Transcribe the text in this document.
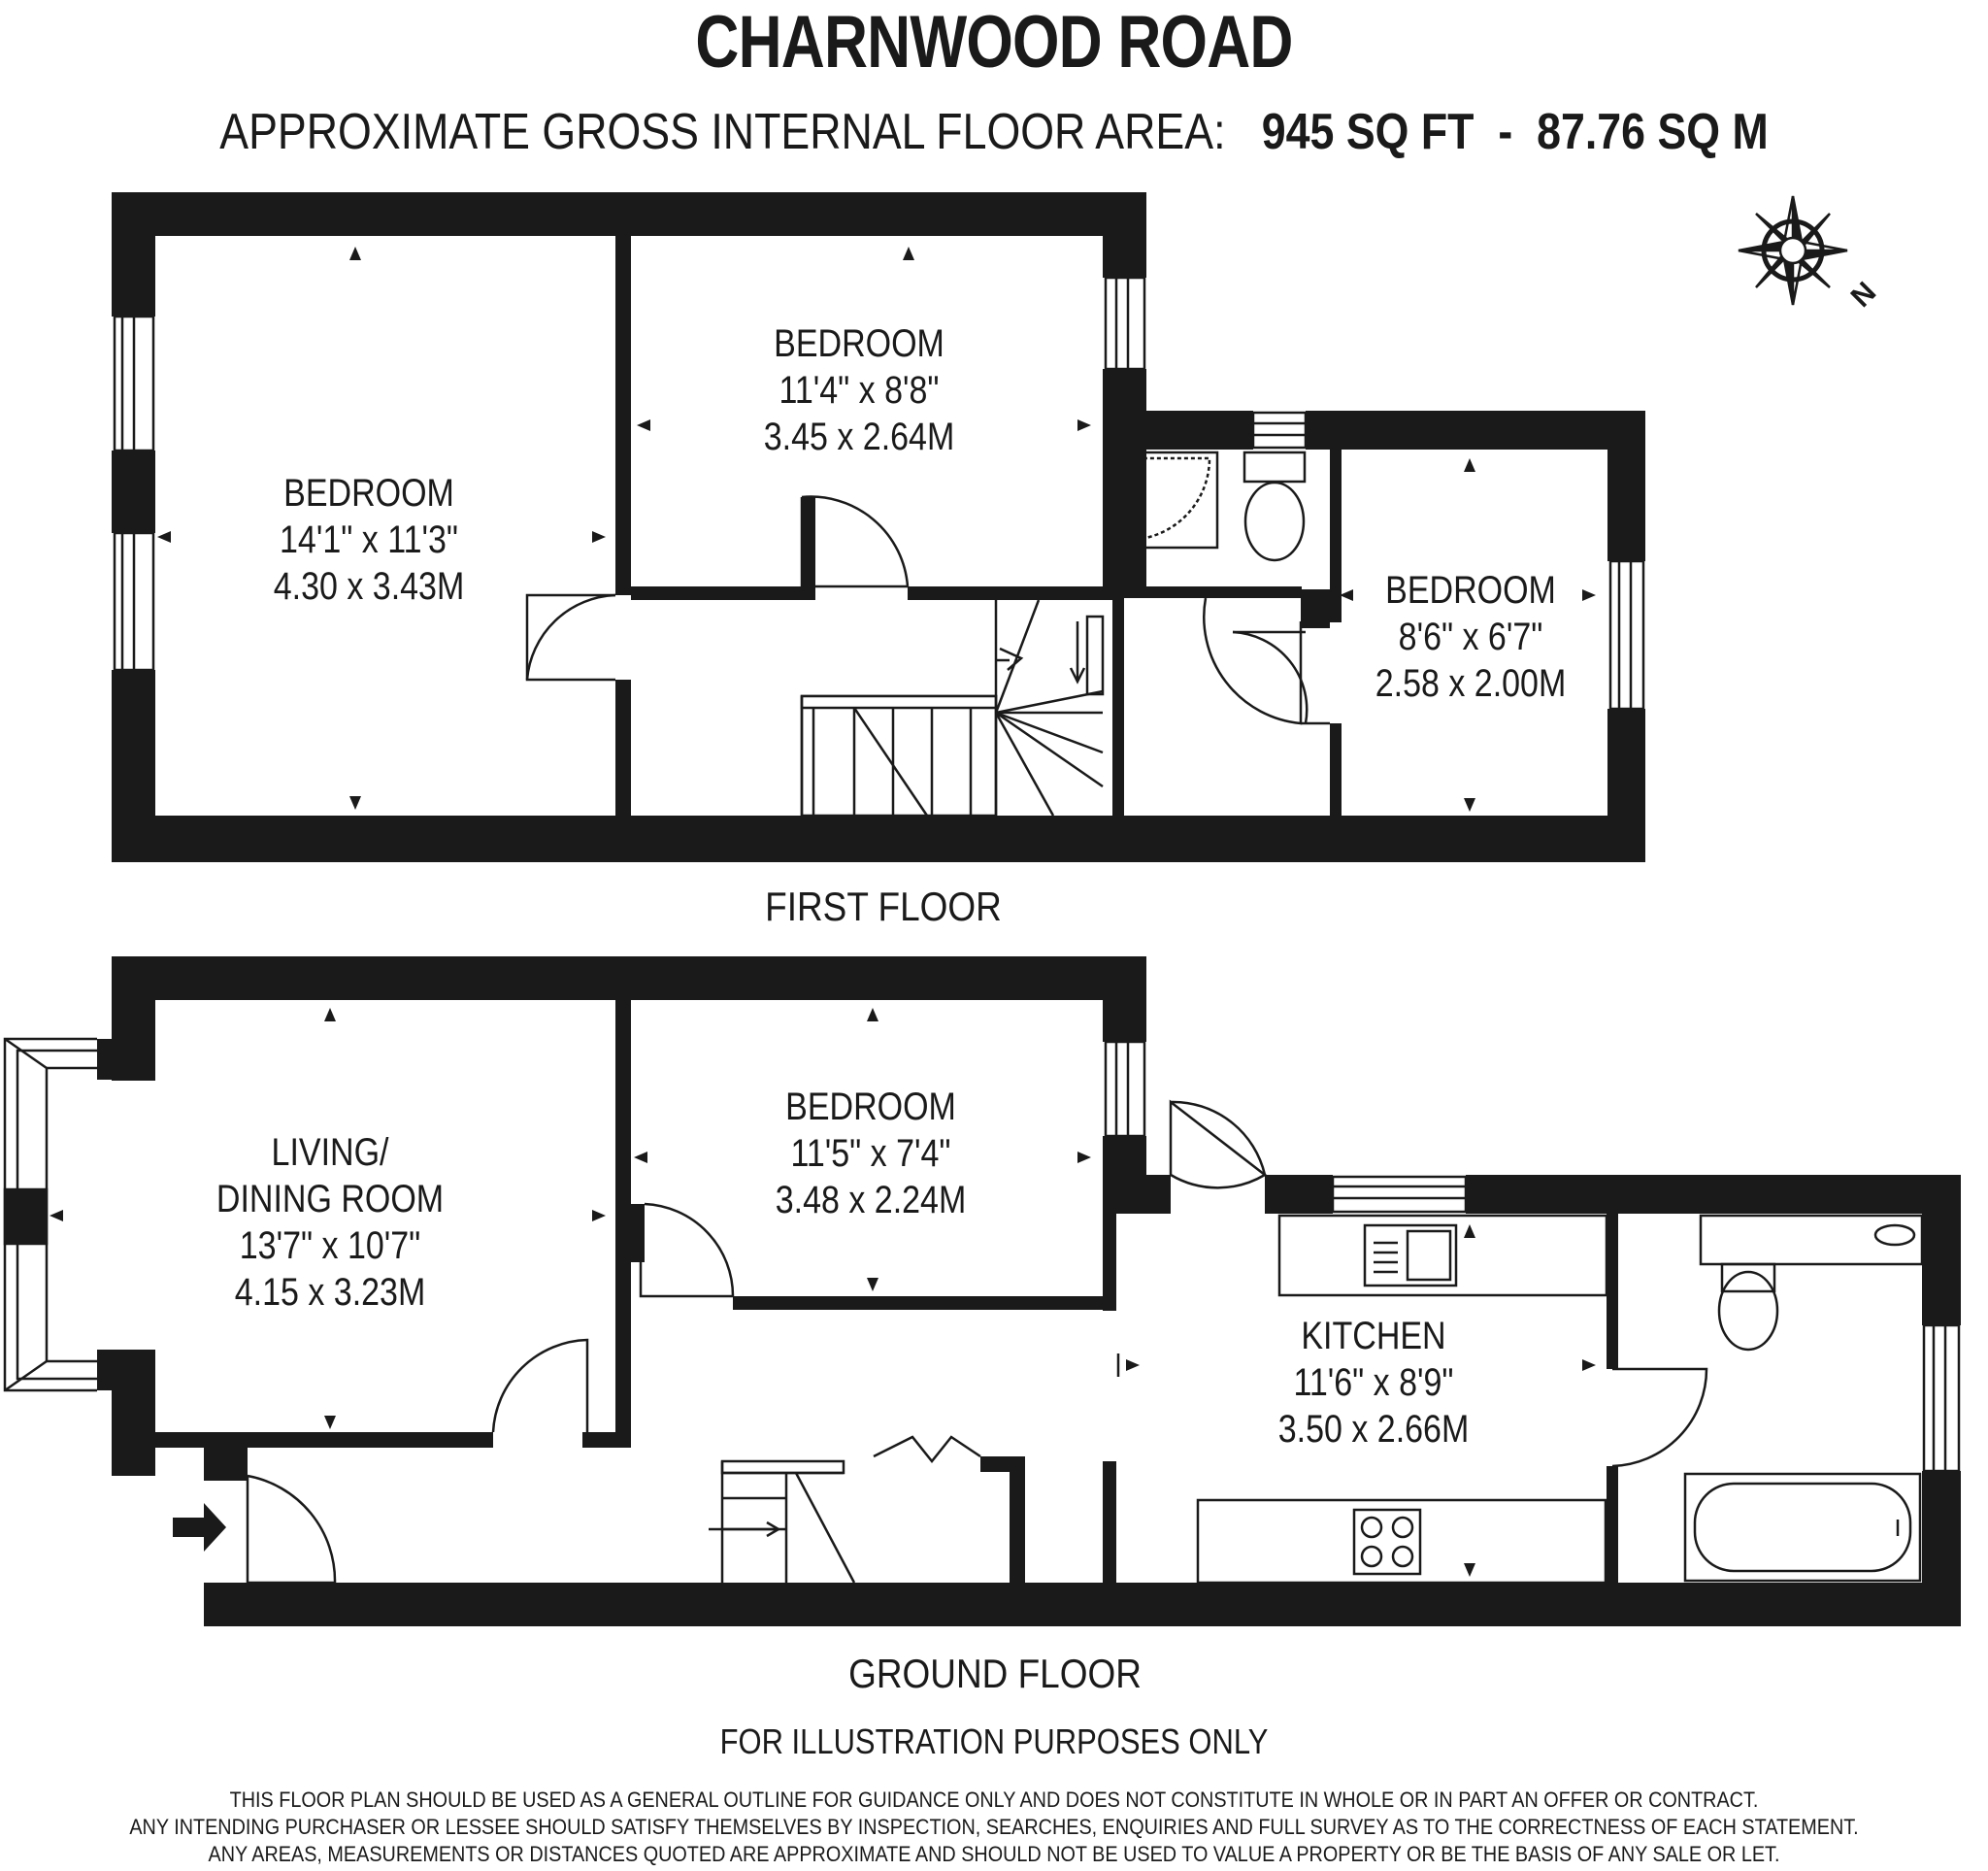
CHARNWOOD ROAD
APPROXIMATE GROSS INTERNAL FLOOR AREA: 945 SQ FT - 87.76 SQ M
N
BEDROOM
14'1" x 11'3"
4.30 x 3.43M
BEDROOM
11'4" x 8'8"
3.45 x 2.64M
BEDROOM
8'6" x 6'7"
2.58 x 2.00M
FIRST FLOOR
LIVING/
DINING ROOM
13'7" x 10'7"
4.15 x 3.23M
BEDROOM
11'5" x 7'4"
3.48 x 2.24M
KITCHEN
11'6" x 8'9"
3.50 x 2.66M
GROUND FLOOR
FOR ILLUSTRATION PURPOSES ONLY
THIS FLOOR PLAN SHOULD BE USED AS A GENERAL OUTLINE FOR GUIDANCE ONLY AND DOES NOT CONSTITUTE IN WHOLE OR IN PART AN OFFER OR CONTRACT.
ANY INTENDING PURCHASER OR LESSEE SHOULD SATISFY THEMSELVES BY INSPECTION, SEARCHES, ENQUIRIES AND FULL SURVEY AS TO THE CORRECTNESS OF EACH STATEMENT.
ANY AREAS, MEASUREMENTS OR DISTANCES QUOTED ARE APPROXIMATE AND SHOULD NOT BE USED TO VALUE A PROPERTY OR BE THE BASIS OF ANY SALE OR LET.
